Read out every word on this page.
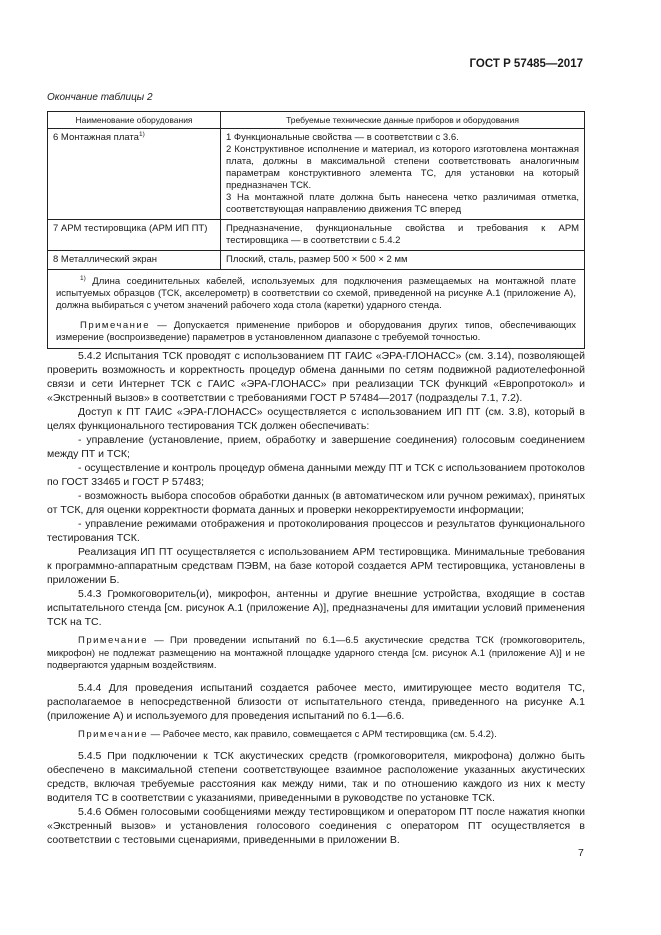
ГОСТ Р 57485—2017
Окончание таблицы 2
Наименование оборудования	Требуемые технические данные приборов и оборудования
6 Монтажная плата$^{1)}$	1 Функциональные свойства — в соответствии с 3.6.
2 Конструктивное исполнение и материал, из которого изготовлена монтажная плата, должны в максимальной степени соответствовать аналогичным параметрам конструктивного элемента ТС, для установки на который предназначен ТСК.
3 На монтажной плате должна быть нанесена четко различимая отметка, соответствующая направлению движения ТС вперед

7 АРМ тестировщика (АРМ ИП ПТ)	Предназначение, функциональные свойства и требования к АРМ тестировщика — в соответствии с 5.4.2

8 Металлический экран	Плоский, сталь, размер 500 × 500 × 2 мм

$^{1)}$ Длина соединительных кабелей, используемых для подключения размещаемых на монтажной плате испытуемых образцов (ТСК, акселерометр) в соответствии со схемой, приведенной на рисунке А.1 (приложение А), должна выбираться с учетом значений рабочего хода стола (каретки) ударного стенда.

Примечание — Допускается применение приборов и оборудования других типов, обеспечивающих измерение (воспроизведение) параметров в установленном диапазоне с требуемой точностью.	

5.4.2 Испытания ТСК проводят с использованием ПТ ГАИС «ЭРА-ГЛОНАСС» (см. 3.14), позволяющей проверить возможность и корректность процедур обмена данными по сетям подвижной радиотелефонной связи и сети Интернет ТСК с ГАИС «ЭРА-ГЛОНАСС» при реализации ТСК функций «Европротокол» и «Экстренный вызов» в соответствии с требованиями ГОСТ Р 57484—2017 (подразделы 7.1, 7.2).

Доступ к ПТ ГАИС «ЭРА-ГЛОНАСС» осуществляется с использованием ИП ПТ (см. 3.8), который в целях функционального тестирования ТСК должен обеспечивать:

- управление (установление, прием, обработку и завершение соединения) голосовым соединением между ПТ и ТСК;

- осуществление и контроль процедур обмена данными между ПТ и ТСК с использованием протоколов по ГОСТ 33465 и ГОСТ Р 57483;

- возможность выбора способов обработки данных (в автоматическом или ручном режимах), принятых от ТСК, для оценки корректности формата данных и проверки некорректируемости информации;

- управление режимами отображения и протоколирования процессов и результатов функционального тестирования ТСК.

Реализация ИП ПТ осуществляется с использованием АРМ тестировщика. Минимальные требования к программно-аппаратным средствам ПЭВМ, на базе которой создается АРМ тестировщика, установлены в приложении Б.

5.4.3 Громкоговоритель(и), микрофон, антенны и другие внешние устройства, входящие в состав испытательного стенда [см. рисунок А.1 (приложение А)], предназначены для имитации условий применения ТСК на ТС.

Примечание — При проведении испытаний по 6.1—6.5 акустические средства ТСК (громкоговоритель, микрофон) не подлежат размещению на монтажной площадке ударного стенда [см. рисунок А.1 (приложение А)] и не подвергаются ударным воздействиям.

5.4.4 Для проведения испытаний создается рабочее место, имитирующее место водителя ТС, располагаемое в непосредственной близости от испытательного стенда, приведенного на рисунке А.1 (приложение А) и используемого для проведения испытаний по 6.1—6.6.

Примечание — Рабочее место, как правило, совмещается с АРМ тестировщика (см. 5.4.2).

5.4.5 При подключении к ТСК акустических средств (громкоговорителя, микрофона) должно быть обеспечено в максимальной степени соответствующее взаимное расположение указанных акустических средств, включая требуемые расстояния как между ними, так и по отношению каждого из них к месту водителя ТС в соответствии с указаниями, приведенными в руководстве по установке ТСК.

5.4.6 Обмен голосовыми сообщениями между тестировщиком и оператором ПТ после нажатия кнопки «Экстренный вызов» и установления голосового соединения с оператором ПТ осуществляется в соответствии с тестовыми сценариями, приведенными в приложении В.

7
